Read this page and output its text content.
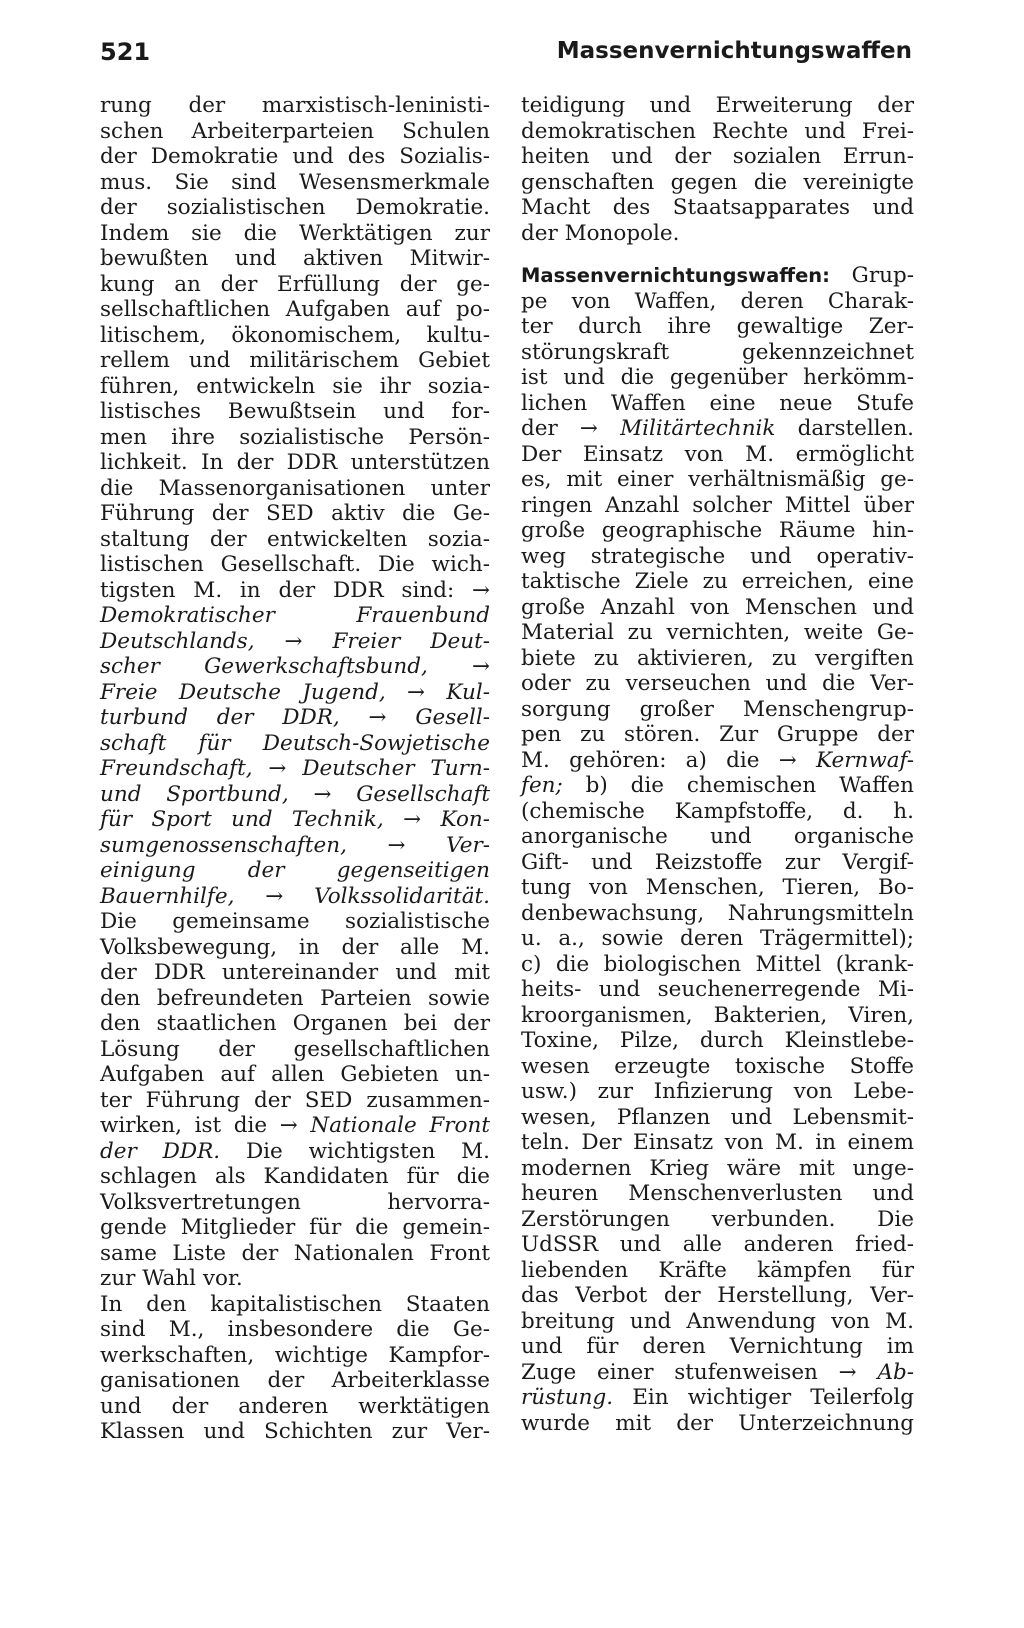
521	Massenvernichtungswaffen
rung der marxistisch-leninisti-
schen Arbeiterparteien Schulen
der Demokratie und des Sozialis-
mus. Sie sind Wesensmerkmale
der sozialistischen Demokratie.
Indem sie die Werktätigen zur
bewußten und aktiven Mitwir-
kung an der Erfüllung der ge-
sellschaftlichen Aufgaben auf po-
litischem, ökonomischem, kultu-
rellem und militärischem Gebiet
führen, entwickeln sie ihr sozia-
listisches Bewußtsein und for-
men ihre sozialistische Persön-
lichkeit. In der DDR unterstützen
die Massenorganisationen unter
Führung der SED aktiv die Ge-
staltung der entwickelten sozia-
listischen Gesellschaft. Die wich-
tigsten M. in der DDR sind: →
Demokratischer Frauenbund
Deutschlands, → Freier Deut-
scher Gewerkschaftsbund, →
Freie Deutsche Jugend, → Kul-
turbund der DDR, → Gesell-
schaft für Deutsch-Sowjetische
Freundschaft, → Deutscher Turn-
und Sportbund, → Gesellschaft
für Sport und Technik, → Kon-
sumgenossenschaften, → Ver-
einigung der gegenseitigen
Bauernhilfe, → Volkssolidarität.
Die gemeinsame sozialistische
Volksbewegung, in der alle M.
der DDR untereinander und mit
den befreundeten Parteien sowie
den staatlichen Organen bei der
Lösung der gesellschaftlichen
Aufgaben auf allen Gebieten un-
ter Führung der SED zusammen-
wirken, ist die → Nationale Front
der DDR. Die wichtigsten M.
schlagen als Kandidaten für die
Volksvertretungen hervorra-
gende Mitglieder für die gemein-
same Liste der Nationalen Front
zur Wahl vor.
In den kapitalistischen Staaten
sind M., insbesondere die Ge-
werkschaften, wichtige Kampfor-
ganisationen der Arbeiterklasse
und der anderen werktätigen
Klassen und Schichten zur Ver-
teidigung und Erweiterung der
demokratischen Rechte und Frei-
heiten und der sozialen Errun-
genschaften gegen die vereinigte
Macht des Staatsapparates und
der Monopole.
Massenvernichtungswaffen: Grup-
pe von Waffen, deren Charak-
ter durch ihre gewaltige Zer-
störungskraft gekennzeichnet
ist und die gegenüber herkömm-
lichen Waffen eine neue Stufe
der → Militärtechnik darstellen.
Der Einsatz von M. ermöglicht
es, mit einer verhältnismäßig ge-
ringen Anzahl solcher Mittel über
große geographische Räume hin-
weg strategische und operativ-
taktische Ziele zu erreichen, eine
große Anzahl von Menschen und
Material zu vernichten, weite Ge-
biete zu aktivieren, zu vergiften
oder zu verseuchen und die Ver-
sorgung großer Menschengrup-
pen zu stören. Zur Gruppe der
M. gehören: a) die → Kernwaf-
fen; b) die chemischen Waffen
(chemische Kampfstoffe, d. h.
anorganische und organische
Gift- und Reizstoffe zur Vergif-
tung von Menschen, Tieren, Bo-
denbewachsung, Nahrungsmitteln
u. a., sowie deren Trägermittel);
c) die biologischen Mittel (krank-
heits- und seuchenerregende Mi-
kroorganismen, Bakterien, Viren,
Toxine, Pilze, durch Kleinstlebe-
wesen erzeugte toxische Stoffe
usw.) zur Infizierung von Lebe-
wesen, Pflanzen und Lebensmit-
teln. Der Einsatz von M. in einem
modernen Krieg wäre mit unge-
heuren Menschenverlusten und
Zerstörungen verbunden. Die
UdSSR und alle anderen fried-
liebenden Kräfte kämpfen für
das Verbot der Herstellung, Ver-
breitung und Anwendung von M.
und für deren Vernichtung im
Zuge einer stufenweisen → Ab-
rüstung. Ein wichtiger Teilerfolg
wurde mit der Unterzeichnung
